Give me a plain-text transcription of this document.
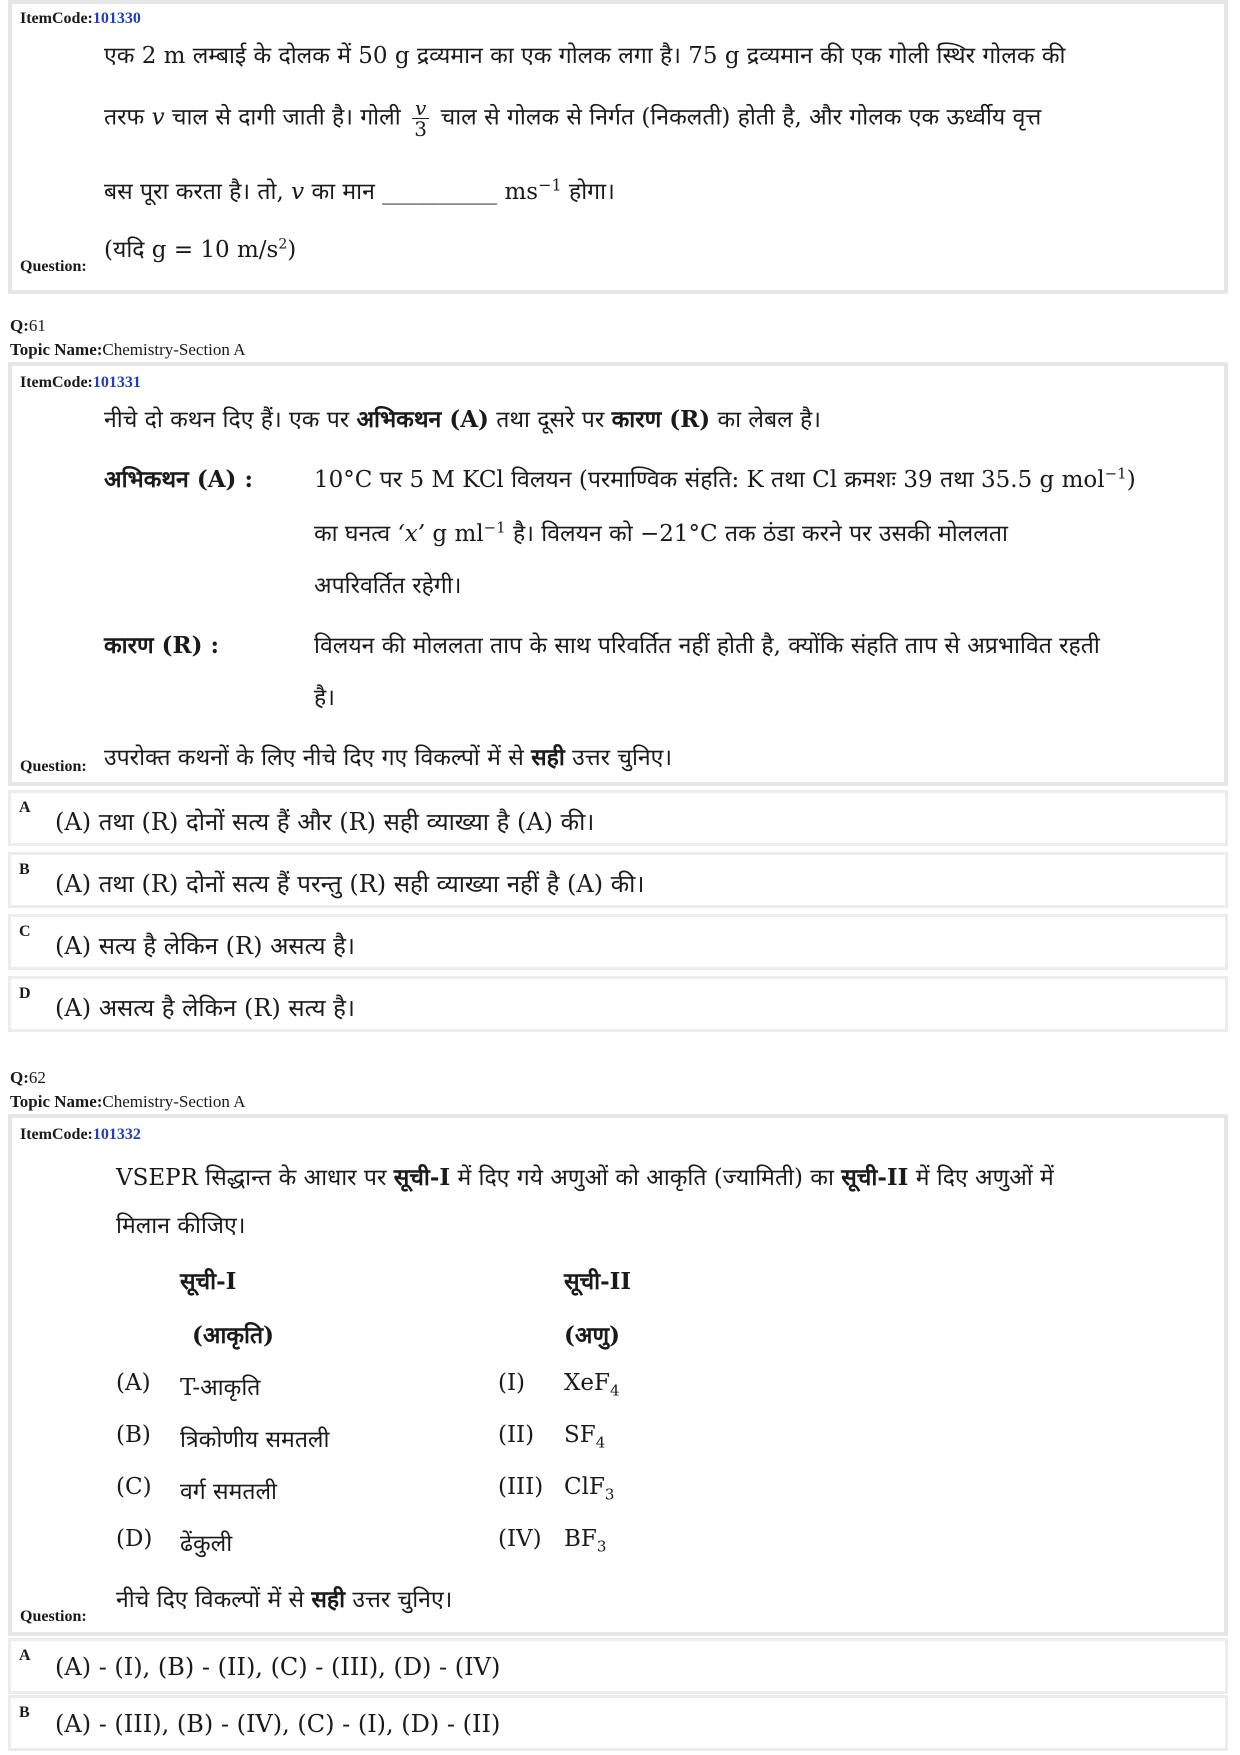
ItemCode:101330
एक 2 m लम्बाई के दोलक में 50 g द्रव्यमान का एक गोलक लगा है। 75 g द्रव्यमान की एक गोली स्थिर गोलक की
तरफ v चाल से दागी जाती है। गोली $\frac{v}{3}$ चाल से गोलक से निर्गत (निकलती) होती है, और गोलक एक ऊर्ध्वीय वृत्त
बस पूरा करता है। तो, v का मान __________ $ms^{-1}$ होगा।
(यदि g = 10 $m/s^2$)
Question:
Q:61
Topic Name:Chemistry-Section A
ItemCode:101331
नीचे दो कथन दिए हैं। एक पर अभिकथन (A) तथा दूसरे पर कारण (R) का लेबल है।
अभिकथन (A) :	10°C पर 5 M KCl विलयन (परमाण्विक संहति: K तथा Cl क्रमशः 39 तथा 35.5 g mol$^{-1}$)
का घनत्व ‘x’ g $ml^{-1}$ है। विलयन को −21°C तक ठंडा करने पर उसकी मोललता
अपरिवर्तित रहेगी।
कारण (R) :	विलयन की मोललता ताप के साथ परिवर्तित नहीं होती है, क्योंकि संहति ताप से अप्रभावित रहती
है।
उपरोक्त कथनों के लिए नीचे दिए गए विकल्पों में से सही उत्तर चुनिए।
Question:
A
(A) तथा (R) दोनों सत्य हैं और (R) सही व्याख्या है (A) की।
B
(A) तथा (R) दोनों सत्य हैं परन्तु (R) सही व्याख्या नहीं है (A) की।
C
(A) सत्य है लेकिन (R) असत्य है।
D
(A) असत्य है लेकिन (R) सत्य है।
Q:62
Topic Name:Chemistry-Section A
ItemCode:101332
VSEPR सिद्धान्त के आधार पर सूची-I में दिए गये अणुओं को आकृति (ज्यामिती) का सूची-II में दिए अणुओं में
मिलान कीजिए।
सूची-I
(आकृति)
सूची-II
(अणु)
(A) T-आकृति	(I) XeF$_4$
(B) त्रिकोणीय समतली	(II) $SF_4$
(C) वर्ग समतली	(III) ClF$_3$
(D) ढेंकुली	(IV) $BF_3$
नीचे दिए विकल्पों में से सही उत्तर चुनिए।
Question:
A (A) - (I), (B) - (II), (C) - (III), (D) - (IV)
B (A) - (III), (B) - (IV), (C) - (I), (D) - (II)
